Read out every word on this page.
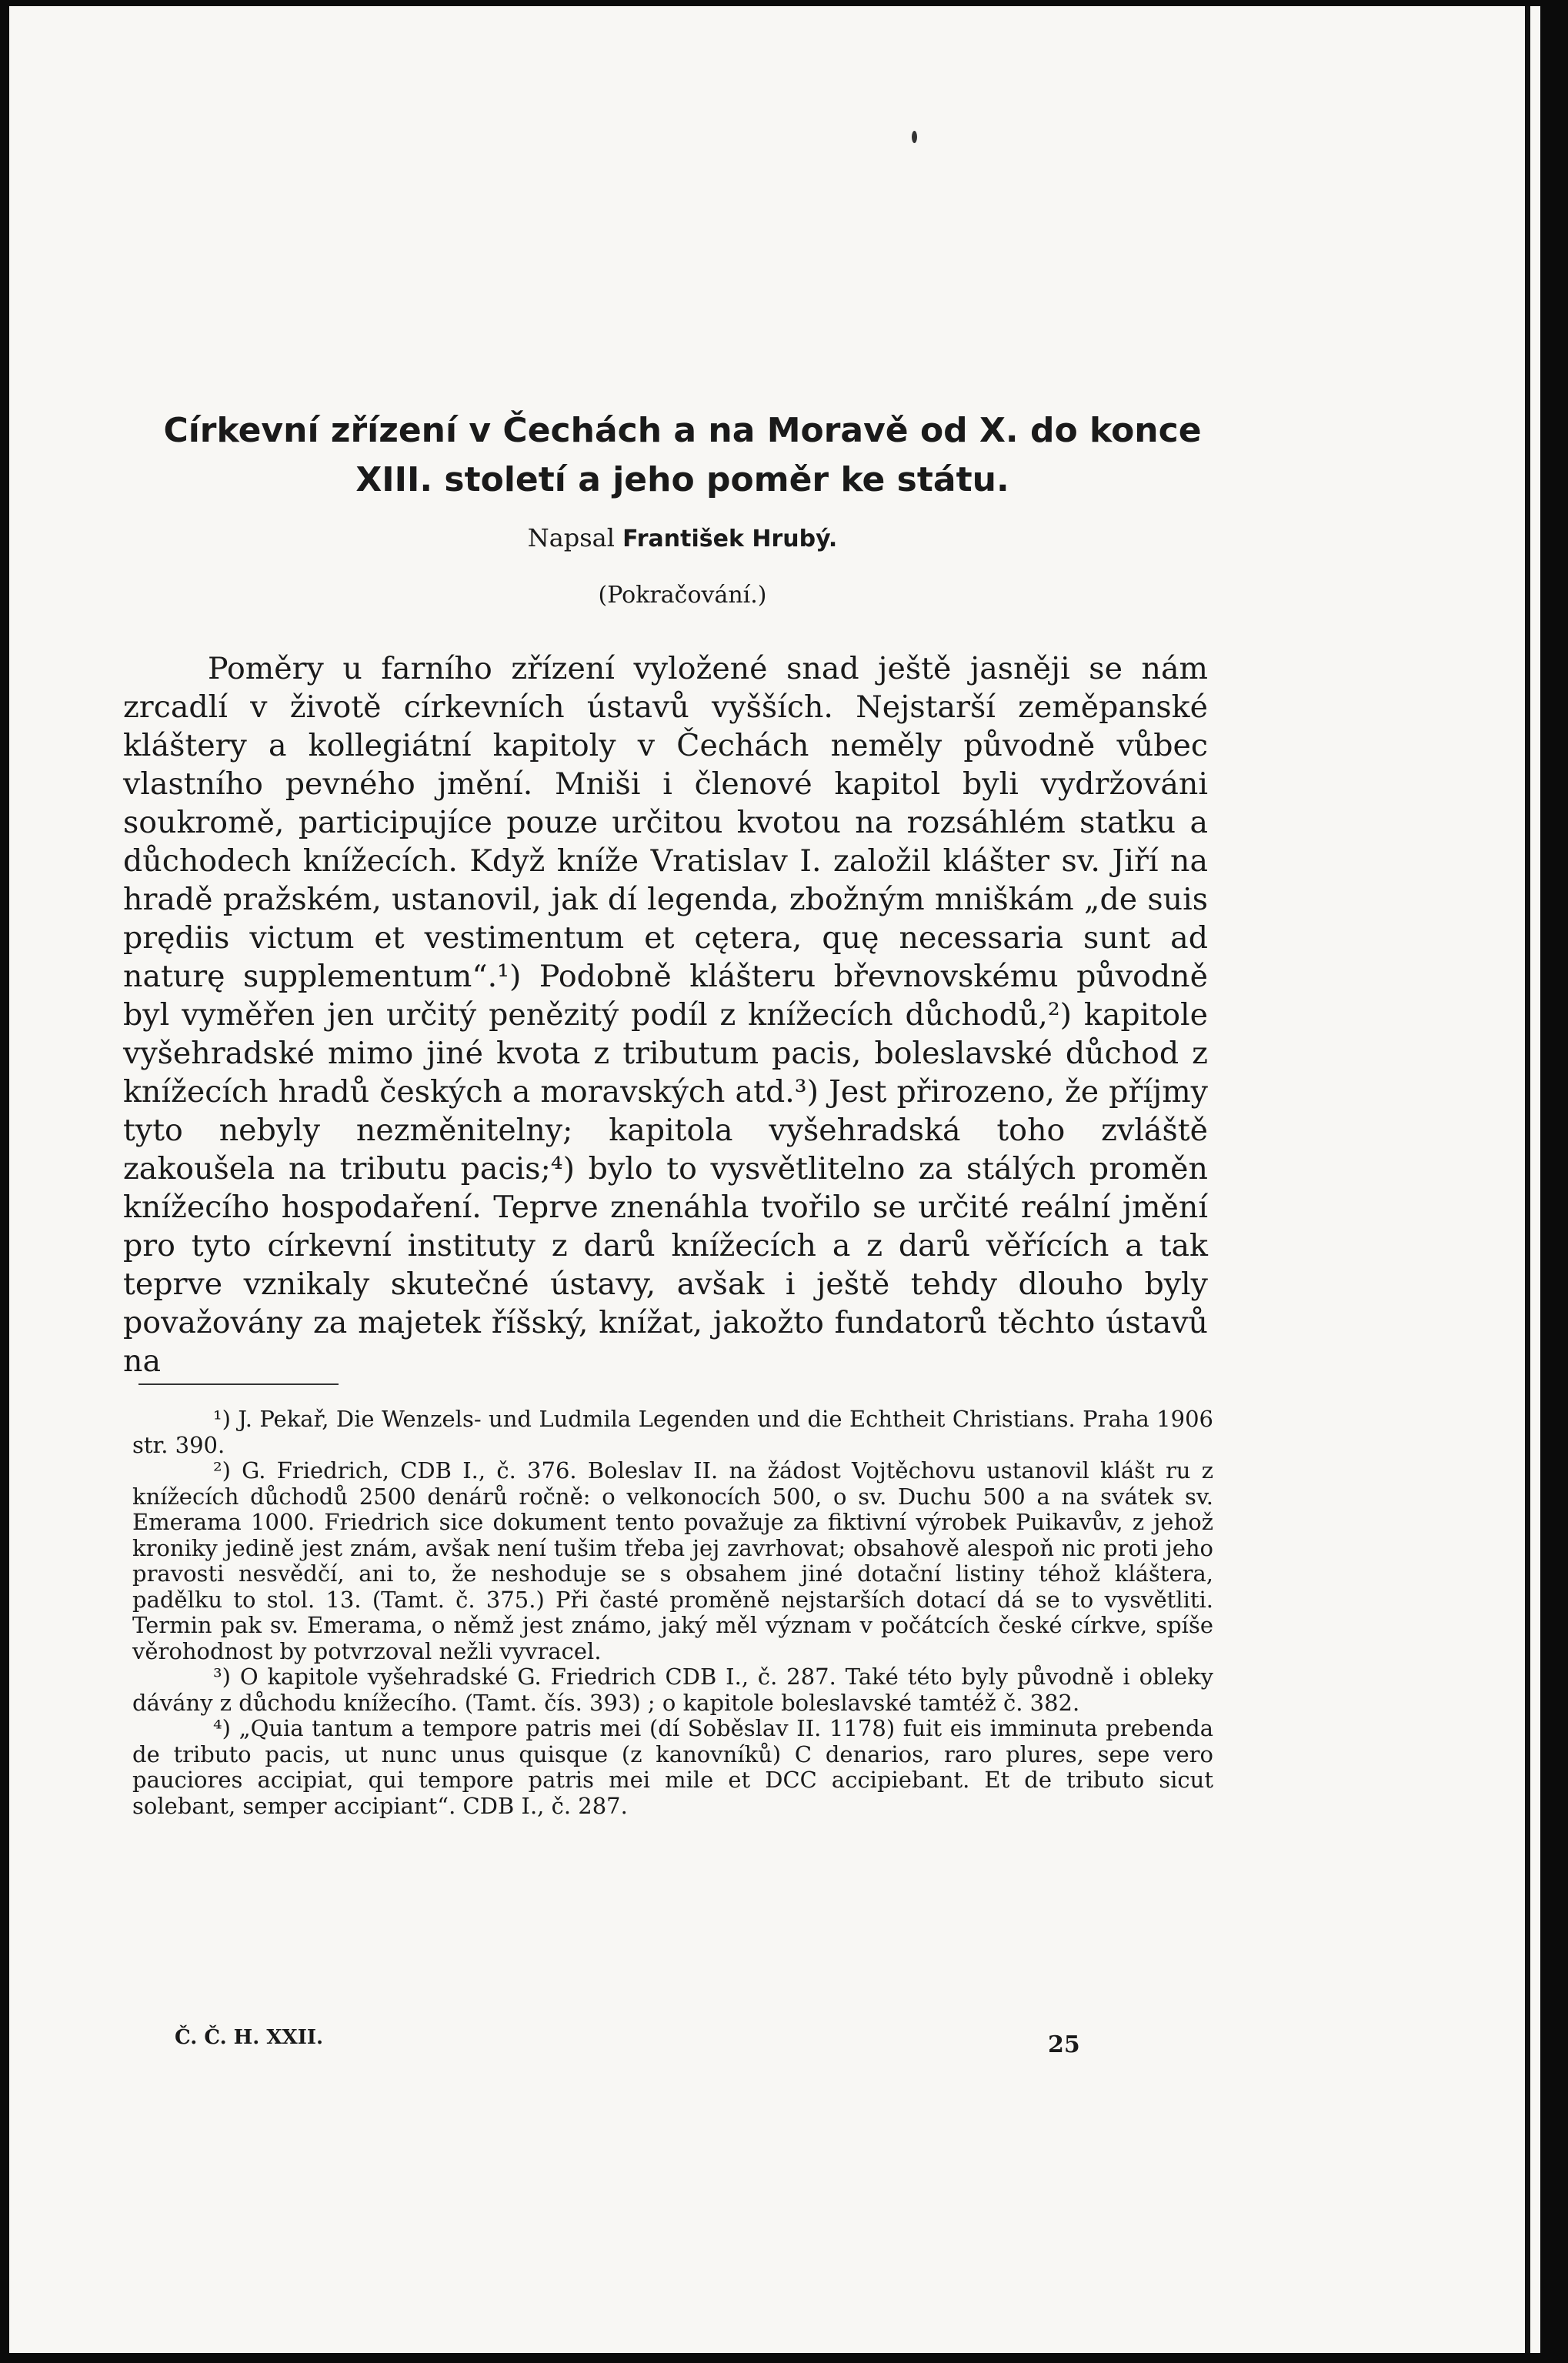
Církevní zřízení v Čechách a na Moravě od X. do konce XIII. století a jeho poměr ke státu.
Napsal František Hrubý.
(Pokračování.)
Poměry u farního zřízení vyložené snad ještě jasněji se nám zrcadlí v životě církevních ústavů vyšších. Nejstarší zeměpanské kláštery a kollegiátní kapitoly v Čechách neměly původně vůbec vlastního pevného jmění. Mniši i členové kapitol byli vydržováni soukromě, participujíce pouze určitou kvotou na rozsáhlém statku a důchodech knížecích. Když kníže Vratislav I. založil klášter sv. Jiří na hradě pražském, ustanovil, jak dí legenda, zbožným mniškám „de suis prędiis victum et vestimentum et cętera, quę necessaria sunt ad naturę supplementum“.¹) Podobně klášteru břevnovskému původně byl vyměřen jen určitý penězitý podíl z knížecích důchodů,²) kapitole vyšehradské mimo jiné kvota z tributum pacis, boleslavské důchod z knížecích hradů českých a moravských atd.³) Jest přirozeno, že příjmy tyto nebyly nezměnitelny; kapitola vyšehradská toho zvláště zakoušela na tributu pacis;⁴) bylo to vysvětlitelno za stálých proměn knížecího hospodaření. Teprve znenáhla tvořilo se určité reální jmění pro tyto církevní instituty z darů knížecích a z darů věřících a tak teprve vznikaly skutečné ústavy, avšak i ještě tehdy dlouho byly považovány za majetek říšský, knížat, jakožto fundatorů těchto ústavů na

¹) J. Pekař, Die Wenzels- und Ludmila Legenden und die Echtheit Christians. Praha 1906 str. 390.

²) G. Friedrich, CDB I., č. 376. Boleslav II. na žádost Vojtěchovu ustanovil klášt ru z knížecích důchodů 2500 denárů ročně: o velkonocích 500, o sv. Duchu 500 a na svátek sv. Emerama 1000. Friedrich sice dokument tento považuje za fiktivní výrobek Puikavův, z jehož kroniky jedině jest znám, avšak není tušim třeba jej zavrhovat; obsahově alespoň nic proti jeho pravosti nesvědčí, ani to, že neshoduje se s obsahem jiné dotační listiny téhož kláštera, padělku to stol. 13. (Tamt. č. 375.) Při časté proměně nejstarších dotací dá se to vysvětliti. Termin pak sv. Emerama, o němž jest známo, jaký měl význam v počátcích české církve, spíše věrohodnost by potvrzoval nežli vyvracel.

³) O kapitole vyšehradské G. Friedrich CDB I., č. 287. Také této byly původně i obleky dávány z důchodu knížecího. (Tamt. čís. 393) ; o kapitole boleslavské tamtéž č. 382.

⁴) „Quia tantum a tempore patris mei (dí Soběslav II. 1178) fuit eis imminuta prebenda de tributo pacis, ut nunc unus quisque (z kanovníků) C denarios, raro plures, sepe vero pauciores accipiat, qui tempore patris mei mile et DCC accipiebant. Et de tributo sicut solebant, semper accipiant“. CDB I., č. 287.

Č. Č. H. XXII.	25
